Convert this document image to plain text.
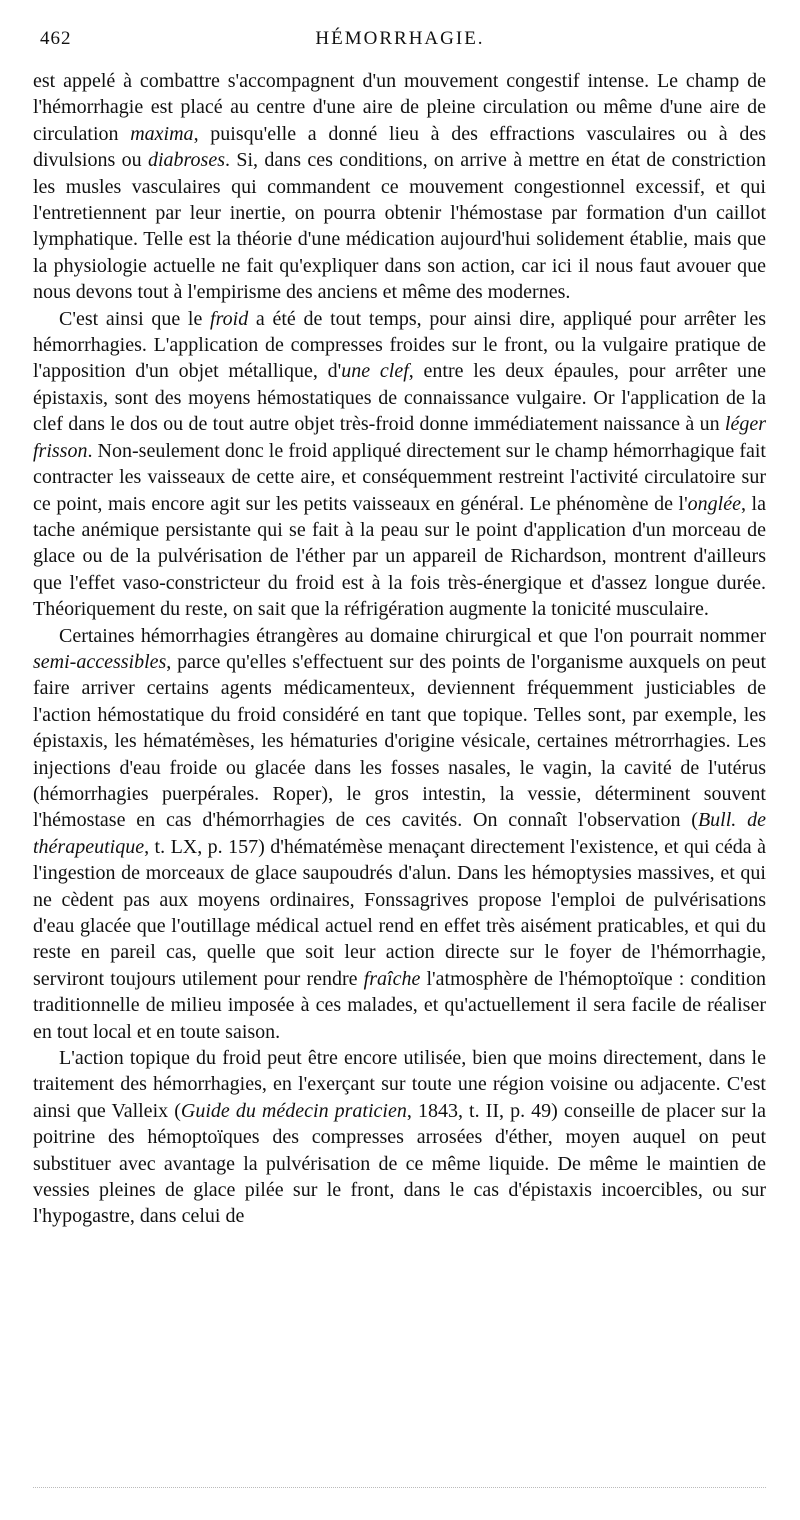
462	HÉMORRHAGIE.

est appelé à combattre s'accompagnent d'un mouvement congestif intense. Le champ de l'hémorrhagie est placé au centre d'une aire de pleine circulation ou même d'une aire de circulation maxima, puisqu'elle a donné lieu à des effractions vasculaires ou à des divulsions ou diabroses. Si, dans ces conditions, on arrive à mettre en état de constriction les musles vasculaires qui commandent ce mouvement congestionnel excessif, et qui l'entretiennent par leur inertie, on pourra obtenir l'hémostase par formation d'un caillot lymphatique. Telle est la théorie d'une médication aujourd'hui solidement établie, mais que la physiologie actuelle ne fait qu'expliquer dans son action, car ici il nous faut avouer que nous devons tout à l'empirisme des anciens et même des modernes.

C'est ainsi que le froid a été de tout temps, pour ainsi dire, appliqué pour arrêter les hémorrhagies. L'application de compresses froides sur le front, ou la vulgaire pratique de l'apposition d'un objet métallique, d'une clef, entre les deux épaules, pour arrêter une épistaxis, sont des moyens hémostatiques de connaissance vulgaire. Or l'application de la clef dans le dos ou de tout autre objet très-froid donne immédiatement naissance à un léger frisson. Non-seulement donc le froid appliqué directement sur le champ hémorrhagique fait contracter les vaisseaux de cette aire, et conséquemment restreint l'activité circulatoire sur ce point, mais encore agit sur les petits vaisseaux en général. Le phénomène de l'onglée, la tache anémique persistante qui se fait à la peau sur le point d'application d'un morceau de glace ou de la pulvérisation de l'éther par un appareil de Richardson, montrent d'ailleurs que l'effet vaso-constricteur du froid est à la fois très-énergique et d'assez longue durée. Théoriquement du reste, on sait que la réfrigération augmente la tonicité musculaire.

Certaines hémorrhagies étrangères au domaine chirurgical et que l'on pourrait nommer semi-accessibles, parce qu'elles s'effectuent sur des points de l'organisme auxquels on peut faire arriver certains agents médicamenteux, deviennent fréquemment justiciables de l'action hémostatique du froid considéré en tant que topique. Telles sont, par exemple, les épistaxis, les hématémèses, les hématuries d'origine vésicale, certaines métrorrhagies. Les injections d'eau froide ou glacée dans les fosses nasales, le vagin, la cavité de l'utérus (hémorrhagies puerpérales. Roper), le gros intestin, la vessie, déterminent souvent l'hémostase en cas d'hémorrhagies de ces cavités. On connaît l'observation (Bull. de thérapeutique, t. LX, p. 157) d'hématémèse menaçant directement l'existence, et qui céda à l'ingestion de morceaux de glace saupoudrés d'alun. Dans les hémoptysies massives, et qui ne cèdent pas aux moyens ordinaires, Fonssagrives propose l'emploi de pulvérisations d'eau glacée que l'outillage médical actuel rend en effet très aisément praticables, et qui du reste en pareil cas, quelle que soit leur action directe sur le foyer de l'hémorrhagie, serviront toujours utilement pour rendre fraîche l'atmosphère de l'hémoptoïque : condition traditionnelle de milieu imposée à ces malades, et qu'actuellement il sera facile de réaliser en tout local et en toute saison.

L'action topique du froid peut être encore utilisée, bien que moins directement, dans le traitement des hémorrhagies, en l'exerçant sur toute une région voisine ou adjacente. C'est ainsi que Valleix (Guide du médecin praticien, 1843, t. II, p. 49) conseille de placer sur la poitrine des hémoptoïques des compresses arrosées d'éther, moyen auquel on peut substituer avec avantage la pulvérisation de ce même liquide. De même le maintien de vessies pleines de glace pilée sur le front, dans le cas d'épistaxis incoercibles, ou sur l'hypogastre, dans celui de
